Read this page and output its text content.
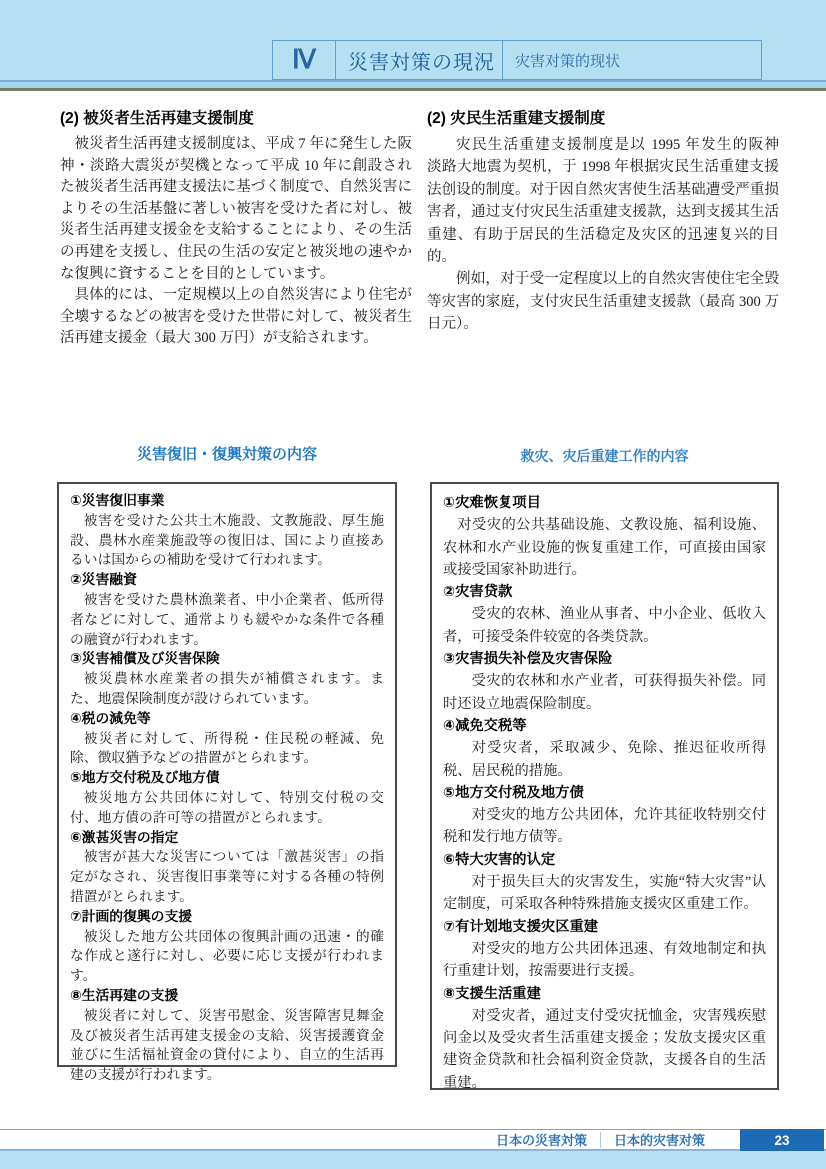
Ⅳ	災害対策の現況	灾害对策的现状
(2) 被災者生活再建支援制度	(2) 灾民生活重建支援制度

被災者生活再建支援制度は、平成 7 年に発生した阪神・淡路大震災が契機となって平成 10 年に創設された被災者生活再建支援法に基づく制度で、自然災害によりその生活基盤に著しい被害を受けた者に対し、被災者生活再建支援金を支給することにより、その生活の再建を支援し、住民の生活の安定と被災地の速やかな復興に資することを目的としています。

具体的には、一定規模以上の自然災害により住宅が全壊するなどの被害を受けた世帯に対して、被災者生活再建支援金（最大 300 万円）が支給されます。

灾民生活重建支援制度是以 1995 年发生的阪神　淡路大地震为契机，于 1998 年根据灾民生活重建支援法创设的制度。对于因自然灾害使生活基础遭受严重损害者，通过支付灾民生活重建支援款，达到支援其生活重建、有助于居民的生活稳定及灾区的迅速复兴的目的。

例如，对于受一定程度以上的自然灾害使住宅全毁等灾害的家庭，支付灾民生活重建支援款（最高 300 万日元）。

災害復旧・復興対策の内容	救灾、灾后重建工作的内容
①災害復旧事業

被害を受けた公共土木施設、文教施設、厚生施設、農林水産業施設等の復旧は、国により直接あるいは国からの補助を受けて行われます。

②災害融資

被害を受けた農林漁業者、中小企業者、低所得者などに対して、通常よりも緩やかな条件で各種の融資が行われます。

③災害補償及び災害保険

被災農林水産業者の損失が補償されます。また、地震保険制度が設けられています。

④税の減免等

被災者に対して、所得税・住民税の軽減、免除、徴収猶予などの措置がとられます。

⑤地方交付税及び地方債

被災地方公共団体に対して、特別交付税の交付、地方債の許可等の措置がとられます。

⑥激甚災害の指定

被害が甚大な災害については「激甚災害」の指定がなされ、災害復旧事業等に対する各種の特例措置がとられます。

⑦計画的復興の支援

被災した地方公共団体の復興計画の迅速・的確な作成と遂行に対し、必要に応じ支援が行われます。

⑧生活再建の支援

被災者に対して、災害弔慰金、災害障害見舞金及び被災者生活再建支援金の支給、災害援護資金並びに生活福祉資金の貸付により、自立的生活再建の支援が行われます。

①灾难恢复项目

对受灾的公共基础设施、文教设施、福利设施、农林和水产业设施的恢复重建工作，可直接由国家或接受国家补助进行。

②灾害贷款

受灾的农林、渔业从事者、中小企业、低收入者，可接受条件较宽的各类贷款。

③灾害损失补偿及灾害保险

受灾的农林和水产业者，可获得损失补偿。同时还设立地震保险制度。

④减免交税等

对受灾者，采取减少、免除、推迟征收所得税、居民税的措施。

⑤地方交付税及地方债

对受灾的地方公共团体，允许其征收特别交付税和发行地方债等。

⑥特大灾害的认定

对于损失巨大的灾害发生，实施“特大灾害”认定制度，可采取各种特殊措施支援灾区重建工作。

⑦有计划地支援灾区重建

对受灾的地方公共团体迅速、有效地制定和执行重建计划，按需要进行支援。

⑧支援生活重建

对受灾者，通过支付受灾抚恤金，灾害残疾慰问金以及受灾者生活重建支援金；发放支援灾区重建资金贷款和社会福利资金贷款，支援各自的生活重建。

日本の災害対策	日本的灾害对策	23
